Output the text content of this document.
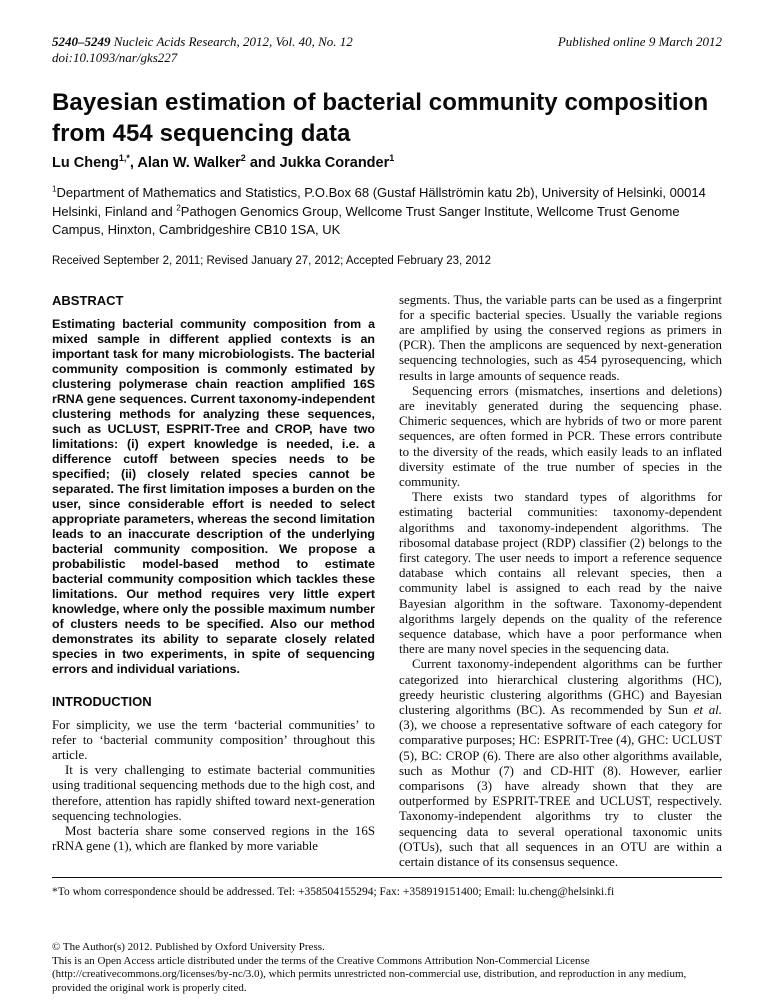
5240–5249 Nucleic Acids Research, 2012, Vol. 40, No. 12	Published online 9 March 2012
doi:10.1093/nar/gks227
Bayesian estimation of bacterial community composition from 454 sequencing data
Lu Cheng$^{1,*}$, Alan W. Walker$^2$ and Jukka Corander$^1$

$^1$Department of Mathematics and Statistics, P.O.Box 68 (Gustaf Hällströmin katu 2b), University of Helsinki, 00014 Helsinki, Finland and $^2$Pathogen Genomics Group, Wellcome Trust Sanger Institute, Wellcome Trust Genome Campus, Hinxton, Cambridgeshire CB10 1SA, UK

Received September 2, 2011; Revised January 27, 2012; Accepted February 23, 2012

ABSTRACT

Estimating bacterial community composition from a mixed sample in different applied contexts is an important task for many microbiologists. The bacterial community composition is commonly estimated by clustering polymerase chain reaction amplified 16S rRNA gene sequences. Current taxonomy-independent clustering methods for analyzing these sequences, such as UCLUST, ESPRIT-Tree and CROP, have two limitations: (i) expert knowledge is needed, i.e. a difference cutoff between species needs to be specified; (ii) closely related species cannot be separated. The first limitation imposes a burden on the user, since considerable effort is needed to select appropriate parameters, whereas the second limitation leads to an inaccurate description of the underlying bacterial community composition. We propose a probabilistic model-based method to estimate bacterial community composition which tackles these limitations. Our method requires very little expert knowledge, where only the possible maximum number of clusters needs to be specified. Also our method demonstrates its ability to separate closely related species in two experiments, in spite of sequencing errors and individual variations.

INTRODUCTION

For simplicity, we use the term ‘bacterial communities’ to refer to ‘bacterial community composition’ throughout this article.

It is very challenging to estimate bacterial communities using traditional sequencing methods due to the high cost, and therefore, attention has rapidly shifted toward next-generation sequencing technologies.

Most bacteria share some conserved regions in the 16S rRNA gene (1), which are flanked by more variable

segments. Thus, the variable parts can be used as a fingerprint for a specific bacterial species. Usually the variable regions are amplified by using the conserved regions as primers in (PCR). Then the amplicons are sequenced by next-generation sequencing technologies, such as 454 pyrosequencing, which results in large amounts of sequence reads.

Sequencing errors (mismatches, insertions and deletions) are inevitably generated during the sequencing phase. Chimeric sequences, which are hybrids of two or more parent sequences, are often formed in PCR. These errors contribute to the diversity of the reads, which easily leads to an inflated diversity estimate of the true number of species in the community.

There exists two standard types of algorithms for estimating bacterial communities: taxonomy-dependent algorithms and taxonomy-independent algorithms. The ribosomal database project (RDP) classifier (2) belongs to the first category. The user needs to import a reference sequence database which contains all relevant species, then a community label is assigned to each read by the naive Bayesian algorithm in the software. Taxonomy-dependent algorithms largely depends on the quality of the reference sequence database, which have a poor performance when there are many novel species in the sequencing data.

Current taxonomy-independent algorithms can be further categorized into hierarchical clustering algorithms (HC), greedy heuristic clustering algorithms (GHC) and Bayesian clustering algorithms (BC). As recommended by Sun et al. (3), we choose a representative software of each category for comparative purposes; HC: ESPRIT-Tree (4), GHC: UCLUST (5), BC: CROP (6). There are also other algorithms available, such as Mothur (7) and CD-HIT (8). However, earlier comparisons (3) have already shown that they are outperformed by ESPRIT-TREE and UCLUST, respectively. Taxonomy-independent algorithms try to cluster the sequencing data to several operational taxonomic units (OTUs), such that all sequences in an OTU are within a certain distance of its consensus sequence.

*To whom correspondence should be addressed. Tel: +358504155294; Fax: +358919151400; Email: lu.cheng@helsinki.fi

© The Author(s) 2012. Published by Oxford University Press.

This is an Open Access article distributed under the terms of the Creative Commons Attribution Non-Commercial License (http://creativecommons.org/licenses/by-nc/3.0), which permits unrestricted non-commercial use, distribution, and reproduction in any medium, provided the original work is properly cited.
